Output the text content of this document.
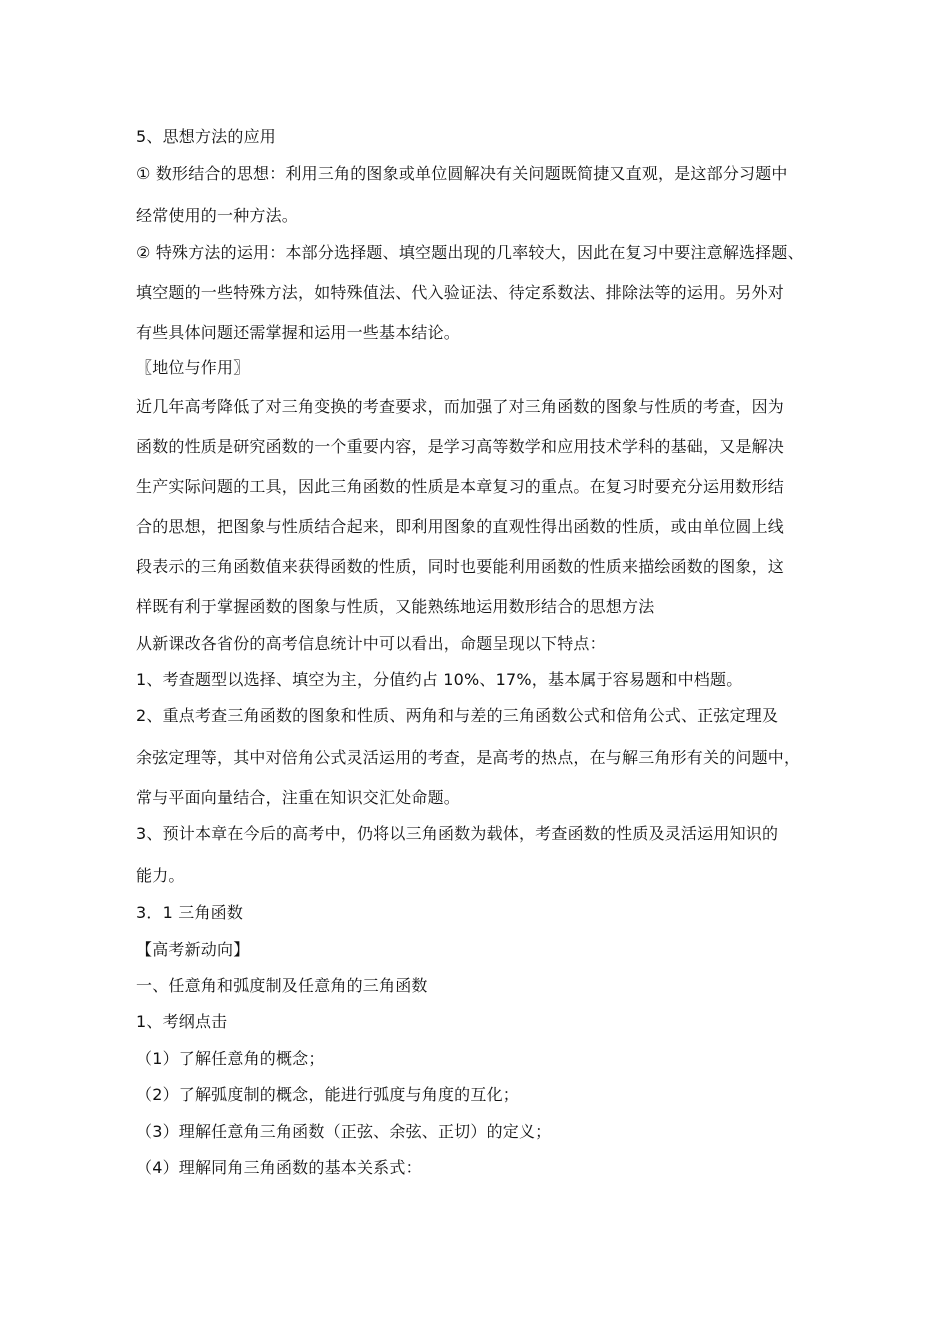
5、思想方法的应用
① 数形结合的思想：利用三角的图象或单位圆解决有关问题既简捷又直观，是这部分习题中
经常使用的一种方法。
② 特殊方法的运用：本部分选择题、填空题出现的几率较大，因此在复习中要注意解选择题、
填空题的一些特殊方法，如特殊值法、代入验证法、待定系数法、排除法等的运用。另外对
有些具体问题还需掌握和运用一些基本结论。
〖地位与作用〗
近几年高考降低了对三角变换的考查要求，而加强了对三角函数的图象与性质的考查，因为
函数的性质是研究函数的一个重要内容，是学习高等数学和应用技术学科的基础，又是解决
生产实际问题的工具，因此三角函数的性质是本章复习的重点。在复习时要充分运用数形结
合的思想，把图象与性质结合起来，即利用图象的直观性得出函数的性质，或由单位圆上线
段表示的三角函数值来获得函数的性质，同时也要能利用函数的性质来描绘函数的图象，这
样既有利于掌握函数的图象与性质，又能熟练地运用数形结合的思想方法
从新课改各省份的高考信息统计中可以看出，命题呈现以下特点：
1、考查题型以选择、填空为主，分值约占 10%、17%，基本属于容易题和中档题。
2、重点考查三角函数的图象和性质、两角和与差的三角函数公式和倍角公式、正弦定理及
余弦定理等，其中对倍角公式灵活运用的考查，是高考的热点，在与解三角形有关的问题中，
常与平面向量结合，注重在知识交汇处命题。
3、预计本章在今后的高考中，仍将以三角函数为载体，考查函数的性质及灵活运用知识的
能力。
3．1 三角函数
【高考新动向】
一、任意角和弧度制及任意角的三角函数
1、考纲点击
（1）了解任意角的概念；
（2）了解弧度制的概念，能进行弧度与角度的互化；
（3）理解任意角三角函数（正弦、余弦、正切）的定义；
（4）理解同角三角函数的基本关系式：
